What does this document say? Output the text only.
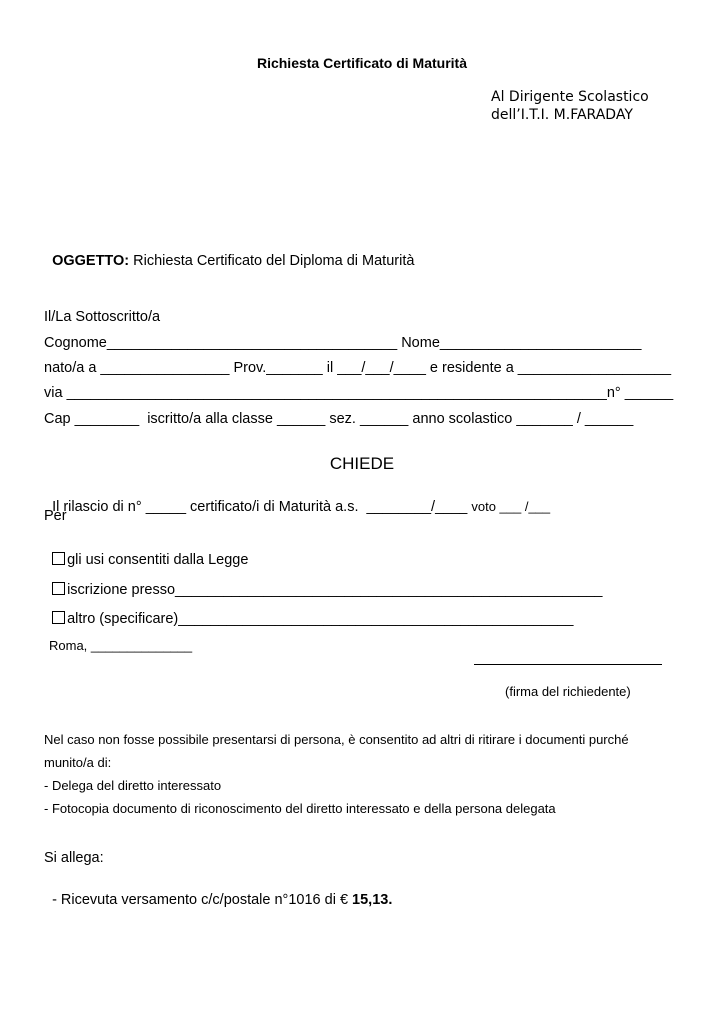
Richiesta Certificato di Maturità
Al Dirigente Scolastico
dell’I.T.I. M.FARADAY

OGGETTO: Richiesta Certificato del Diploma di Maturità

Il/La Sottoscritto/a
Cognome____________________________________ Nome_________________________
nato/a a ________________ Prov._______ il ___/___/____ e residente a ___________________
via ___________________________________________________________________n° ______
Cap ________  iscritto/a alla classe ______ sez. ______ anno scolastico _______ / ______
CHIEDE

Il rilascio di n° _____ certificato/i di Maturità a.s.  ________/____ voto ___ /___

Per

gli usi consentiti dalla Legge

iscrizione presso_____________________________________________________

altro (specificare)_________________________________________________

Roma, ______________
(firma del richiedente)
Nel caso non fosse possibile presentarsi di persona, è consentito ad altri di ritirare i documenti purché
munito/a di:
- Delega del diretto interessato
- Fotocopia documento di riconoscimento del diretto interessato e della persona delegata
Si allega:

- Ricevuta versamento c/c/postale n°1016 di € 15,13.
